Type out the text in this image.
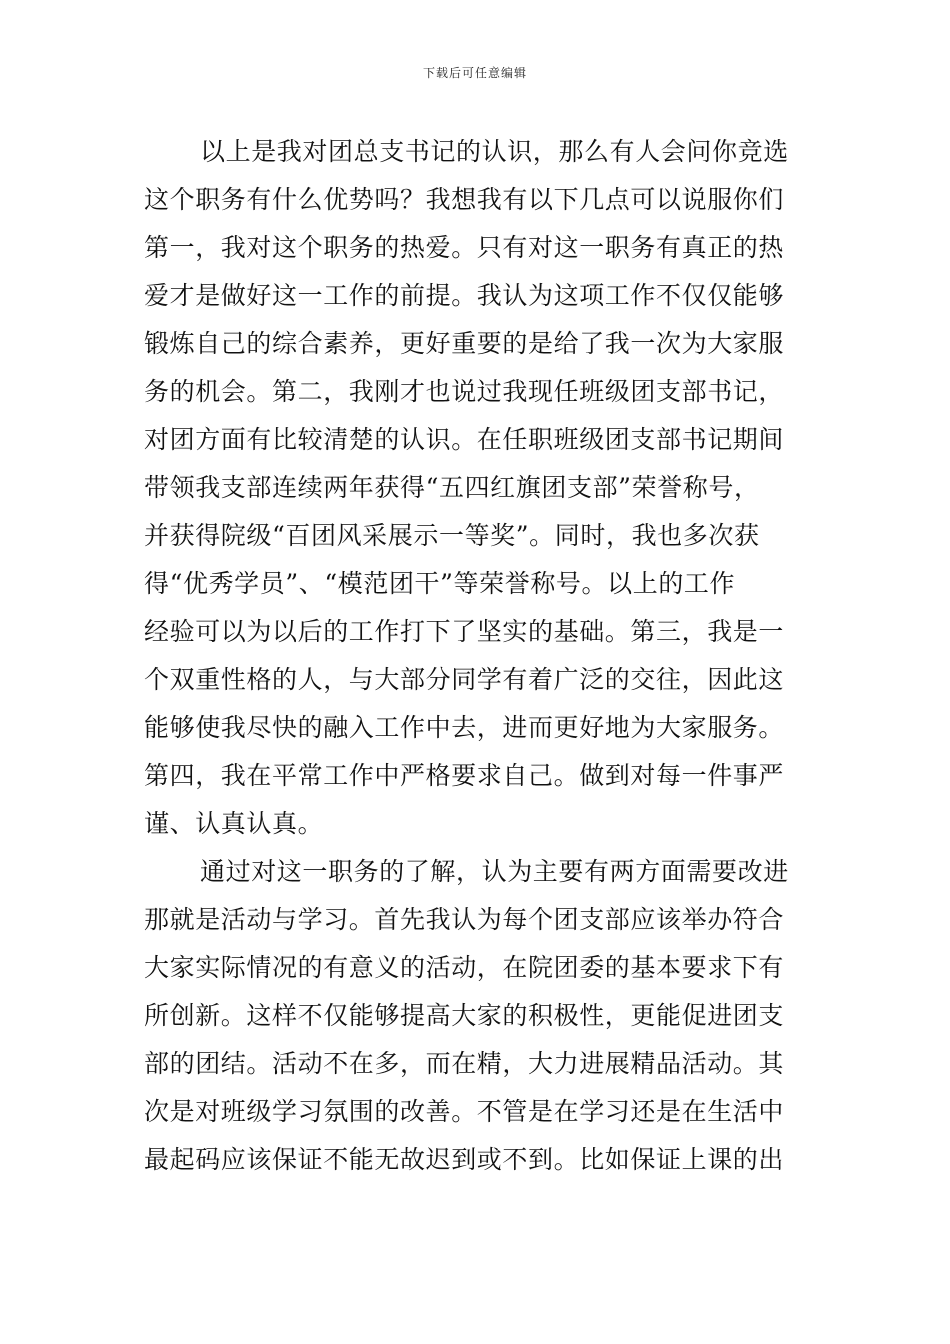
下载后可任意编辑
以上是我对团总支书记的认识，那么有人会问你竞选
这个职务有什么优势吗？我想我有以下几点可以说服你们
第一，我对这个职务的热爱。只有对这一职务有真正的热
爱才是做好这一工作的前提。我认为这项工作不仅仅能够
锻炼自己的综合素养，更好重要的是给了我一次为大家服
务的机会。第二，我刚才也说过我现任班级团支部书记，
对团方面有比较清楚的认识。在任职班级团支部书记期间
带领我支部连续两年获得“五四红旗团支部”荣誉称号，
并获得院级“百团风采展示一等奖”。同时，我也多次获
得“优秀学员”、“模范团干”等荣誉称号。以上的工作
经验可以为以后的工作打下了坚实的基础。第三，我是一
个双重性格的人，与大部分同学有着广泛的交往，因此这
能够使我尽快的融入工作中去，进而更好地为大家服务。
第四，我在平常工作中严格要求自己。做到对每一件事严
谨、认真认真。
通过对这一职务的了解，认为主要有两方面需要改进
那就是活动与学习。首先我认为每个团支部应该举办符合
大家实际情况的有意义的活动，在院团委的基本要求下有
所创新。这样不仅能够提高大家的积极性，更能促进团支
部的团结。活动不在多，而在精，大力进展精品活动。其
次是对班级学习氛围的改善。不管是在学习还是在生活中
最起码应该保证不能无故迟到或不到。比如保证上课的出
